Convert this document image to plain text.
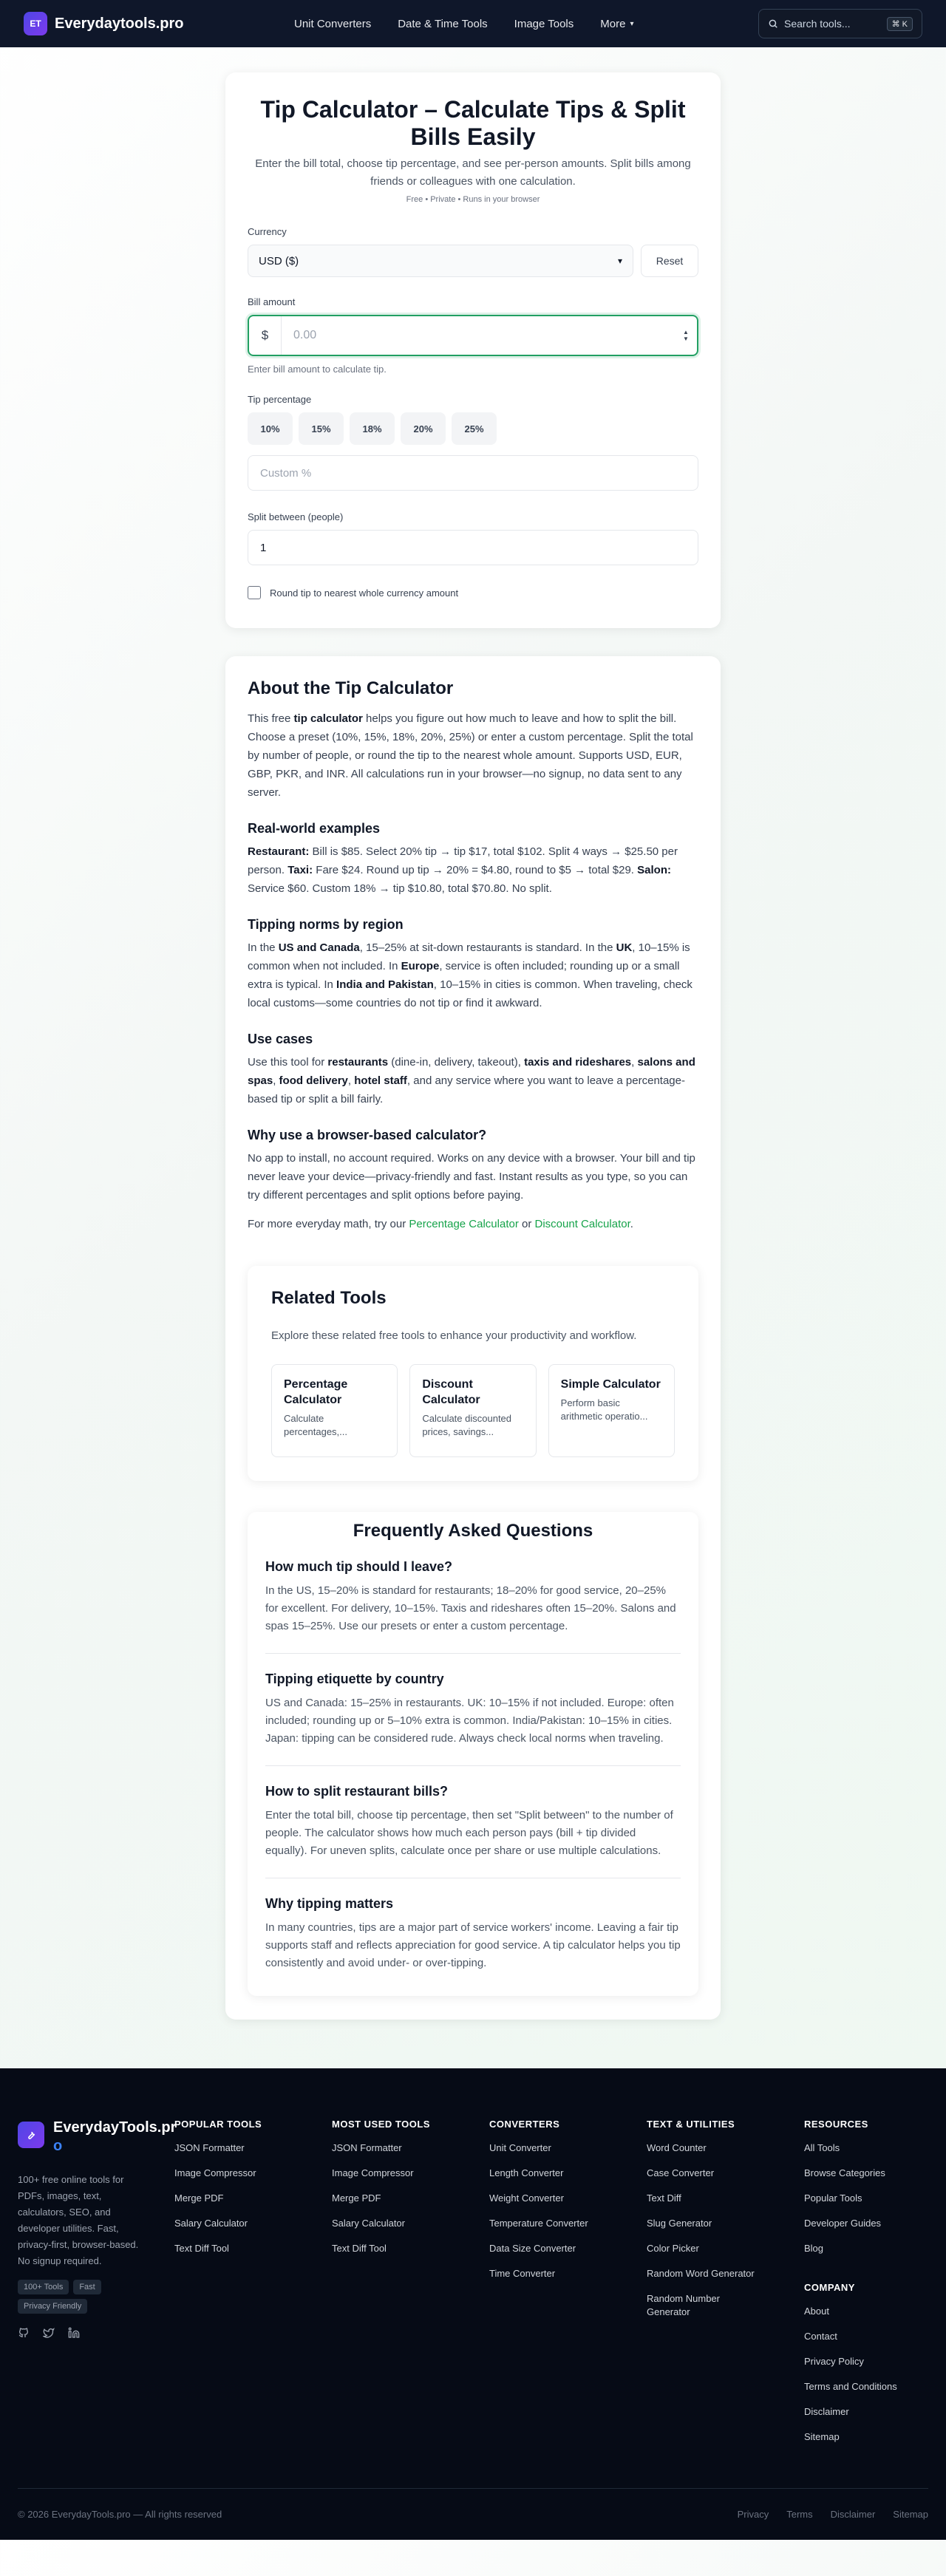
ET Everydaytools.pro	Unit Converters Date & Time Tools Image Tools More ▾	Search tools...	⌘ K
Tip Calculator – Calculate Tips & Split Bills Easily

Enter the bill total, choose tip percentage, and see per-person amounts. Split bills among friends or colleagues with one calculation.

Free • Private • Runs in your browser

Currency
USD ($)	▾	Reset
Bill amount
$	0.00	▲
▼
Enter bill amount to calculate tip.
Tip percentage
10%	15%	18%	20%	25%
Custom %
Split between (people)
1
Round tip to nearest whole currency amount
About the Tip Calculator

This free tip calculator helps you figure out how much to leave and how to split the bill. Choose a preset (10%, 15%, 18%, 20%, 25%) or enter a custom percentage. Split the total by number of people, or round the tip to the nearest whole amount. Supports USD, EUR, GBP, PKR, and INR. All calculations run in your browser—no signup, no data sent to any server.

Real-world examples

Restaurant: Bill is $85. Select 20% tip → tip $17, total $102. Split 4 ways → $25.50 per person. Taxi: Fare $24. Round up tip → 20% = $4.80, round to $5 → total $29. Salon: Service $60. Custom 18% → tip $10.80, total $70.80. No split.

Tipping norms by region

In the US and Canada, 15–25% at sit-down restaurants is standard. In the UK, 10–15% is common when not included. In Europe, service is often included; rounding up or a small extra is typical. In India and Pakistan, 10–15% in cities is common. When traveling, check local customs—some countries do not tip or find it awkward.

Use cases

Use this tool for restaurants (dine-in, delivery, takeout), taxis and rideshares, salons and spas, food delivery, hotel staff, and any service where you want to leave a percentage-based tip or split a bill fairly.

Why use a browser-based calculator?

No app to install, no account required. Works on any device with a browser. Your bill and tip never leave your device—privacy-friendly and fast. Instant results as you type, so you can try different percentages and split options before paying.

For more everyday math, try our Percentage Calculator or Discount Calculator.

Related Tools

Explore these related free tools to enhance your productivity and workflow.

Percentage Calculator
Calculate percentages,...
Discount Calculator
Calculate discounted prices, savings...
Simple Calculator
Perform basic arithmetic operatio...
Frequently Asked Questions
How much tip should I leave?

In the US, 15–20% is standard for restaurants; 18–20% for good service, 20–25% for excellent. For delivery, 10–15%. Taxis and rideshares often 15–20%. Salons and spas 15–25%. Use our presets or enter a custom percentage.

Tipping etiquette by country

US and Canada: 15–25% in restaurants. UK: 10–15% if not included. Europe: often included; rounding up or 5–10% extra is common. India/Pakistan: 10–15% in cities. Japan: tipping can be considered rude. Always check local norms when traveling.

How to split restaurant bills?

Enter the total bill, choose tip percentage, then set "Split between" to the number of people. The calculator shows how much each person pays (bill + tip divided equally). For uneven splits, calculate once per share or use multiple calculations.

Why tipping matters

In many countries, tips are a major part of service workers' income. Leaving a fair tip supports staff and reflects appreciation for good service. A tip calculator helps you tip consistently and avoid under- or over-tipping.

EverydayTools.pr
o

100+ free online tools for PDFs, images, text, calculators, SEO, and developer utilities. Fast, privacy-first, browser-based. No signup required.

100+ Tools	Fast
Privacy Friendly
POPULAR TOOLS
JSON Formatter
Image Compressor
Merge PDF
Salary Calculator
Text Diff Tool
MOST USED TOOLS
JSON Formatter
Image Compressor
Merge PDF
Salary Calculator
Text Diff Tool
CONVERTERS
Unit Converter
Length Converter
Weight Converter
Temperature Converter
Data Size Converter
Time Converter
TEXT & UTILITIES
Word Counter
Case Converter
Text Diff
Slug Generator
Color Picker
Random Word Generator
Random Number Generator
RESOURCES
All Tools
Browse Categories
Popular Tools
Developer Guides
Blog
COMPANY
About
Contact
Privacy Policy
Terms and Conditions
Disclaimer
Sitemap
© 2026 EverydayTools.pro — All rights reserved	Privacy Terms Disclaimer Sitemap
